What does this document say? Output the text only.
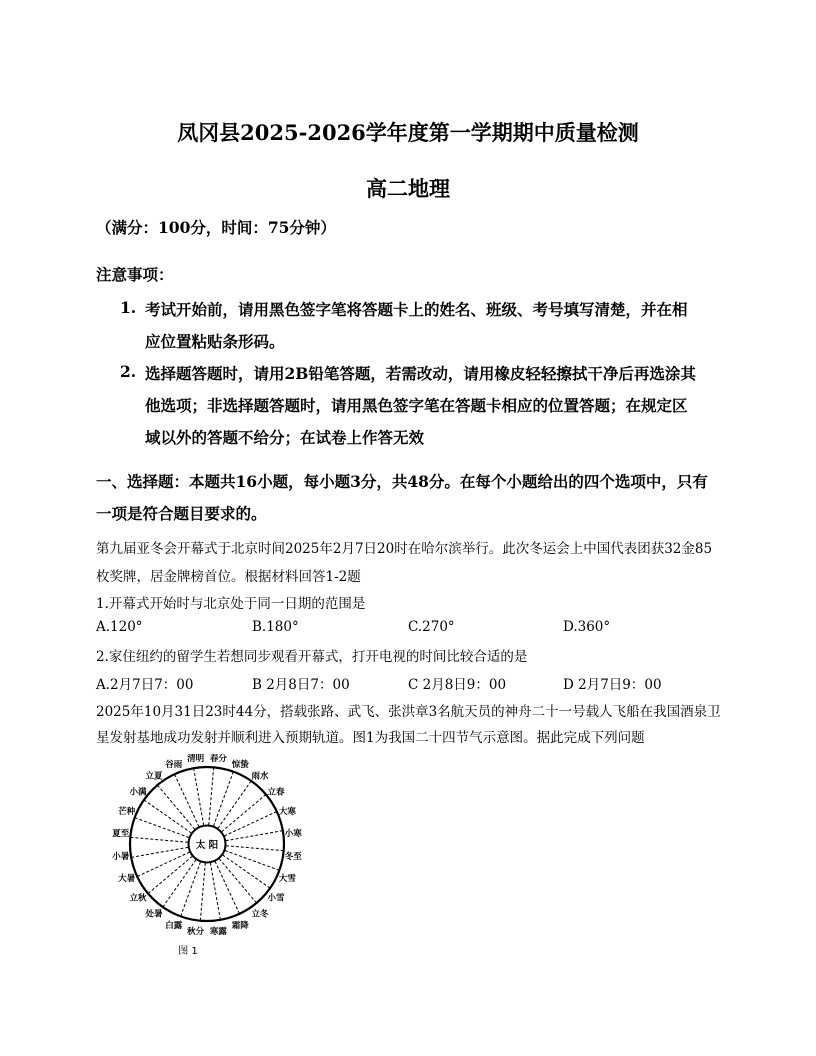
凤冈县2025-2026学年度第一学期期中质量检测
高二地理
（满分：100分，时间：75分钟）
注意事项：
1. 考试开始前，请用黑色签字笔将答题卡上的姓名、班级、考号填写清楚，并在相
应位置粘贴条形码。
2. 选择题答题时，请用2B铅笔答题，若需改动，请用橡皮轻轻擦拭干净后再选涂其
他选项；非选择题答题时，请用黑色签字笔在答题卡相应的位置答题；在规定区
域以外的答题不给分；在试卷上作答无效
一、选择题：本题共16小题，每小题3分，共48分。在每个小题给出的四个选项中，只有
一项是符合题目要求的。
第九届亚冬会开幕式于北京时间2025年2月7日20时在哈尔滨举行。此次冬运会上中国代表团获32金85
枚奖牌，居金牌榜首位。根据材料回答1-2题
1.开幕式开始时与北京处于同一日期的范围是
A.120°	B.180°	C.270°	D.360°
2.家住纽约的留学生若想同步观看开幕式，打开电视的时间比较合适的是
A.2月7日7：00	B 2月8日7：00	C 2月8日9：00	D 2月7日9：00
2025年10月31日23时44分，搭载张路、武飞、张洪章3名航天员的神舟二十一号载人飞船在我国酒泉卫
星发射基地成功发射并顺利进入预期轨道。图1为我国二十四节气示意图。据此完成下列问题
太 阳
春分
惊蛰
雨水
立春
大寒
小寒
冬至
大雪
小雪
立冬
霜降
寒露
秋分
白露
处暑
立秋
大暑
小暑
夏至
芒种
小满
立夏
谷雨
清明
图 1
